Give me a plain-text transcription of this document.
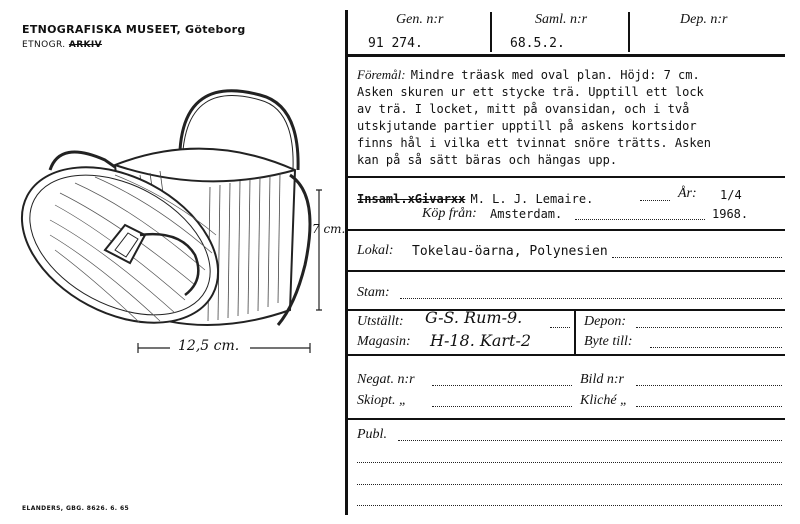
ETNOGRAFISKA MUSEET, Göteborg
ETNOGR. ARKIV
12,5 cm.
7 cm.
ELANDERS, GBG. 8626. 6. 65
Gen. n:r	Saml. n:r	Dep. n:r
91 274.	68.5.2.
Föremål: Mindre träask med oval plan. Höjd: 7 cm.
Asken skuren ur ett stycke trä. Upptill ett lock
av trä. I locket, mitt på ovansidan, och i två
utskjutande partier upptill på askens kortsidor
finns hål i vilka ett tvinnat snöre trätts. Asken
kan på så sätt bäras och hängas upp.
Insaml.xGivarxx M. L. J. Lemaire.	År: 1/4
Köp från: Amsterdam.	1968.
Lokal: Tokelau-öarna, Polynesien
Stam:
Utställt: G-S. Rum-9.
Magasin: H-18. Kart-2
Depon:
Byte till:
Negat. n:r	Bild n:r
Skiopt. „	Kliché „
Publ.
